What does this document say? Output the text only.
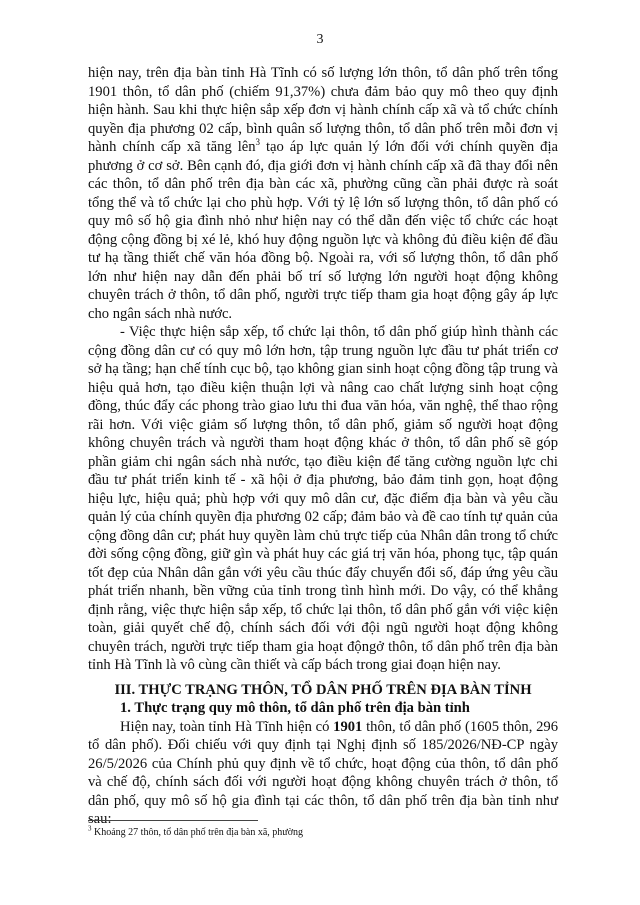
3

hiện nay, trên địa bàn tỉnh Hà Tĩnh có số lượng lớn thôn, tổ dân phố trên tổng 1901 thôn, tổ dân phố (chiếm 91,37%) chưa đảm bảo quy mô theo quy định hiện hành. Sau khi thực hiện sắp xếp đơn vị hành chính cấp xã và tổ chức chính quyền địa phương 02 cấp, bình quân số lượng thôn, tổ dân phố trên mỗi đơn vị hành chính cấp xã tăng lên$^3$ tạo áp lực quản lý lớn đối với chính quyền địa phương ở cơ sở. Bên cạnh đó, địa giới đơn vị hành chính cấp xã đã thay đổi nên các thôn, tổ dân phố trên địa bàn các xã, phường cũng cần phải được rà soát tổng thể và tổ chức lại cho phù hợp. Với tỷ lệ lớn số lượng thôn, tổ dân phố có quy mô số hộ gia đình nhỏ như hiện nay có thể dẫn đến việc tổ chức các hoạt động cộng đồng bị xé lẻ, khó huy động nguồn lực và không đủ điều kiện để đầu tư hạ tầng thiết chế văn hóa đồng bộ. Ngoài ra, với số lượng thôn, tổ dân phố lớn như hiện nay dẫn đến phải bố trí số lượng lớn người hoạt động không chuyên trách ở thôn, tổ dân phố, người trực tiếp tham gia hoạt động gây áp lực cho ngân sách nhà nước.

- Việc thực hiện sắp xếp, tổ chức lại thôn, tổ dân phố giúp hình thành các cộng đồng dân cư có quy mô lớn hơn, tập trung nguồn lực đầu tư phát triển cơ sở hạ tầng; hạn chế tính cục bộ, tạo không gian sinh hoạt cộng đồng tập trung và hiệu quả hơn, tạo điều kiện thuận lợi và nâng cao chất lượng sinh hoạt cộng đồng, thúc đẩy các phong trào giao lưu thi đua văn hóa, văn nghệ, thể thao rộng rãi hơn. Với việc giảm số lượng thôn, tổ dân phố, giảm số người hoạt động không chuyên trách và người tham hoạt động khác ở thôn, tổ dân phố sẽ góp phần giảm chi ngân sách nhà nước, tạo điều kiện để tăng cường nguồn lực chi đầu tư phát triển kinh tế - xã hội ở địa phương, bảo đảm tinh gọn, hoạt động hiệu lực, hiệu quả; phù hợp với quy mô dân cư, đặc điểm địa bàn và yêu cầu quản lý của chính quyền địa phương 02 cấp; đảm bảo và đề cao tính tự quản của cộng đồng dân cư; phát huy quyền làm chủ trực tiếp của Nhân dân trong tổ chức đời sống cộng đồng, giữ gìn và phát huy các giá trị văn hóa, phong tục, tập quán tốt đẹp của Nhân dân gắn với yêu cầu thúc đẩy chuyển đổi số, đáp ứng yêu cầu phát triển nhanh, bền vững của tỉnh trong tình hình mới. Do vậy, có thể khẳng định rằng, việc thực hiện sắp xếp, tổ chức lại thôn, tổ dân phố gắn với việc kiện toàn, giải quyết chế độ, chính sách đối với đội ngũ người hoạt động không chuyên trách, người trực tiếp tham gia hoạt độngở thôn, tổ dân phố trên địa bàn tỉnh Hà Tĩnh là vô cùng cần thiết và cấp bách trong giai đoạn hiện nay.

III. THỰC TRẠNG THÔN, TỔ DÂN PHỐ TRÊN ĐỊA BÀN TỈNH

1. Thực trạng quy mô thôn, tổ dân phố trên địa bàn tỉnh

Hiện nay, toàn tỉnh Hà Tĩnh hiện có 1901 thôn, tổ dân phố (1605 thôn, 296 tổ dân phố). Đối chiếu với quy định tại Nghị định số 185/2026/NĐ-CP ngày 26/5/2026 của Chính phủ quy định về tổ chức, hoạt động của thôn, tổ dân phố và chế độ, chính sách đối với người hoạt động không chuyên trách ở thôn, tổ dân phố, quy mô số hộ gia đình tại các thôn, tổ dân phố trên địa bàn tỉnh như sau:

$^3$ Khoảng 27 thôn, tổ dân phố trên địa bàn xã, phường
